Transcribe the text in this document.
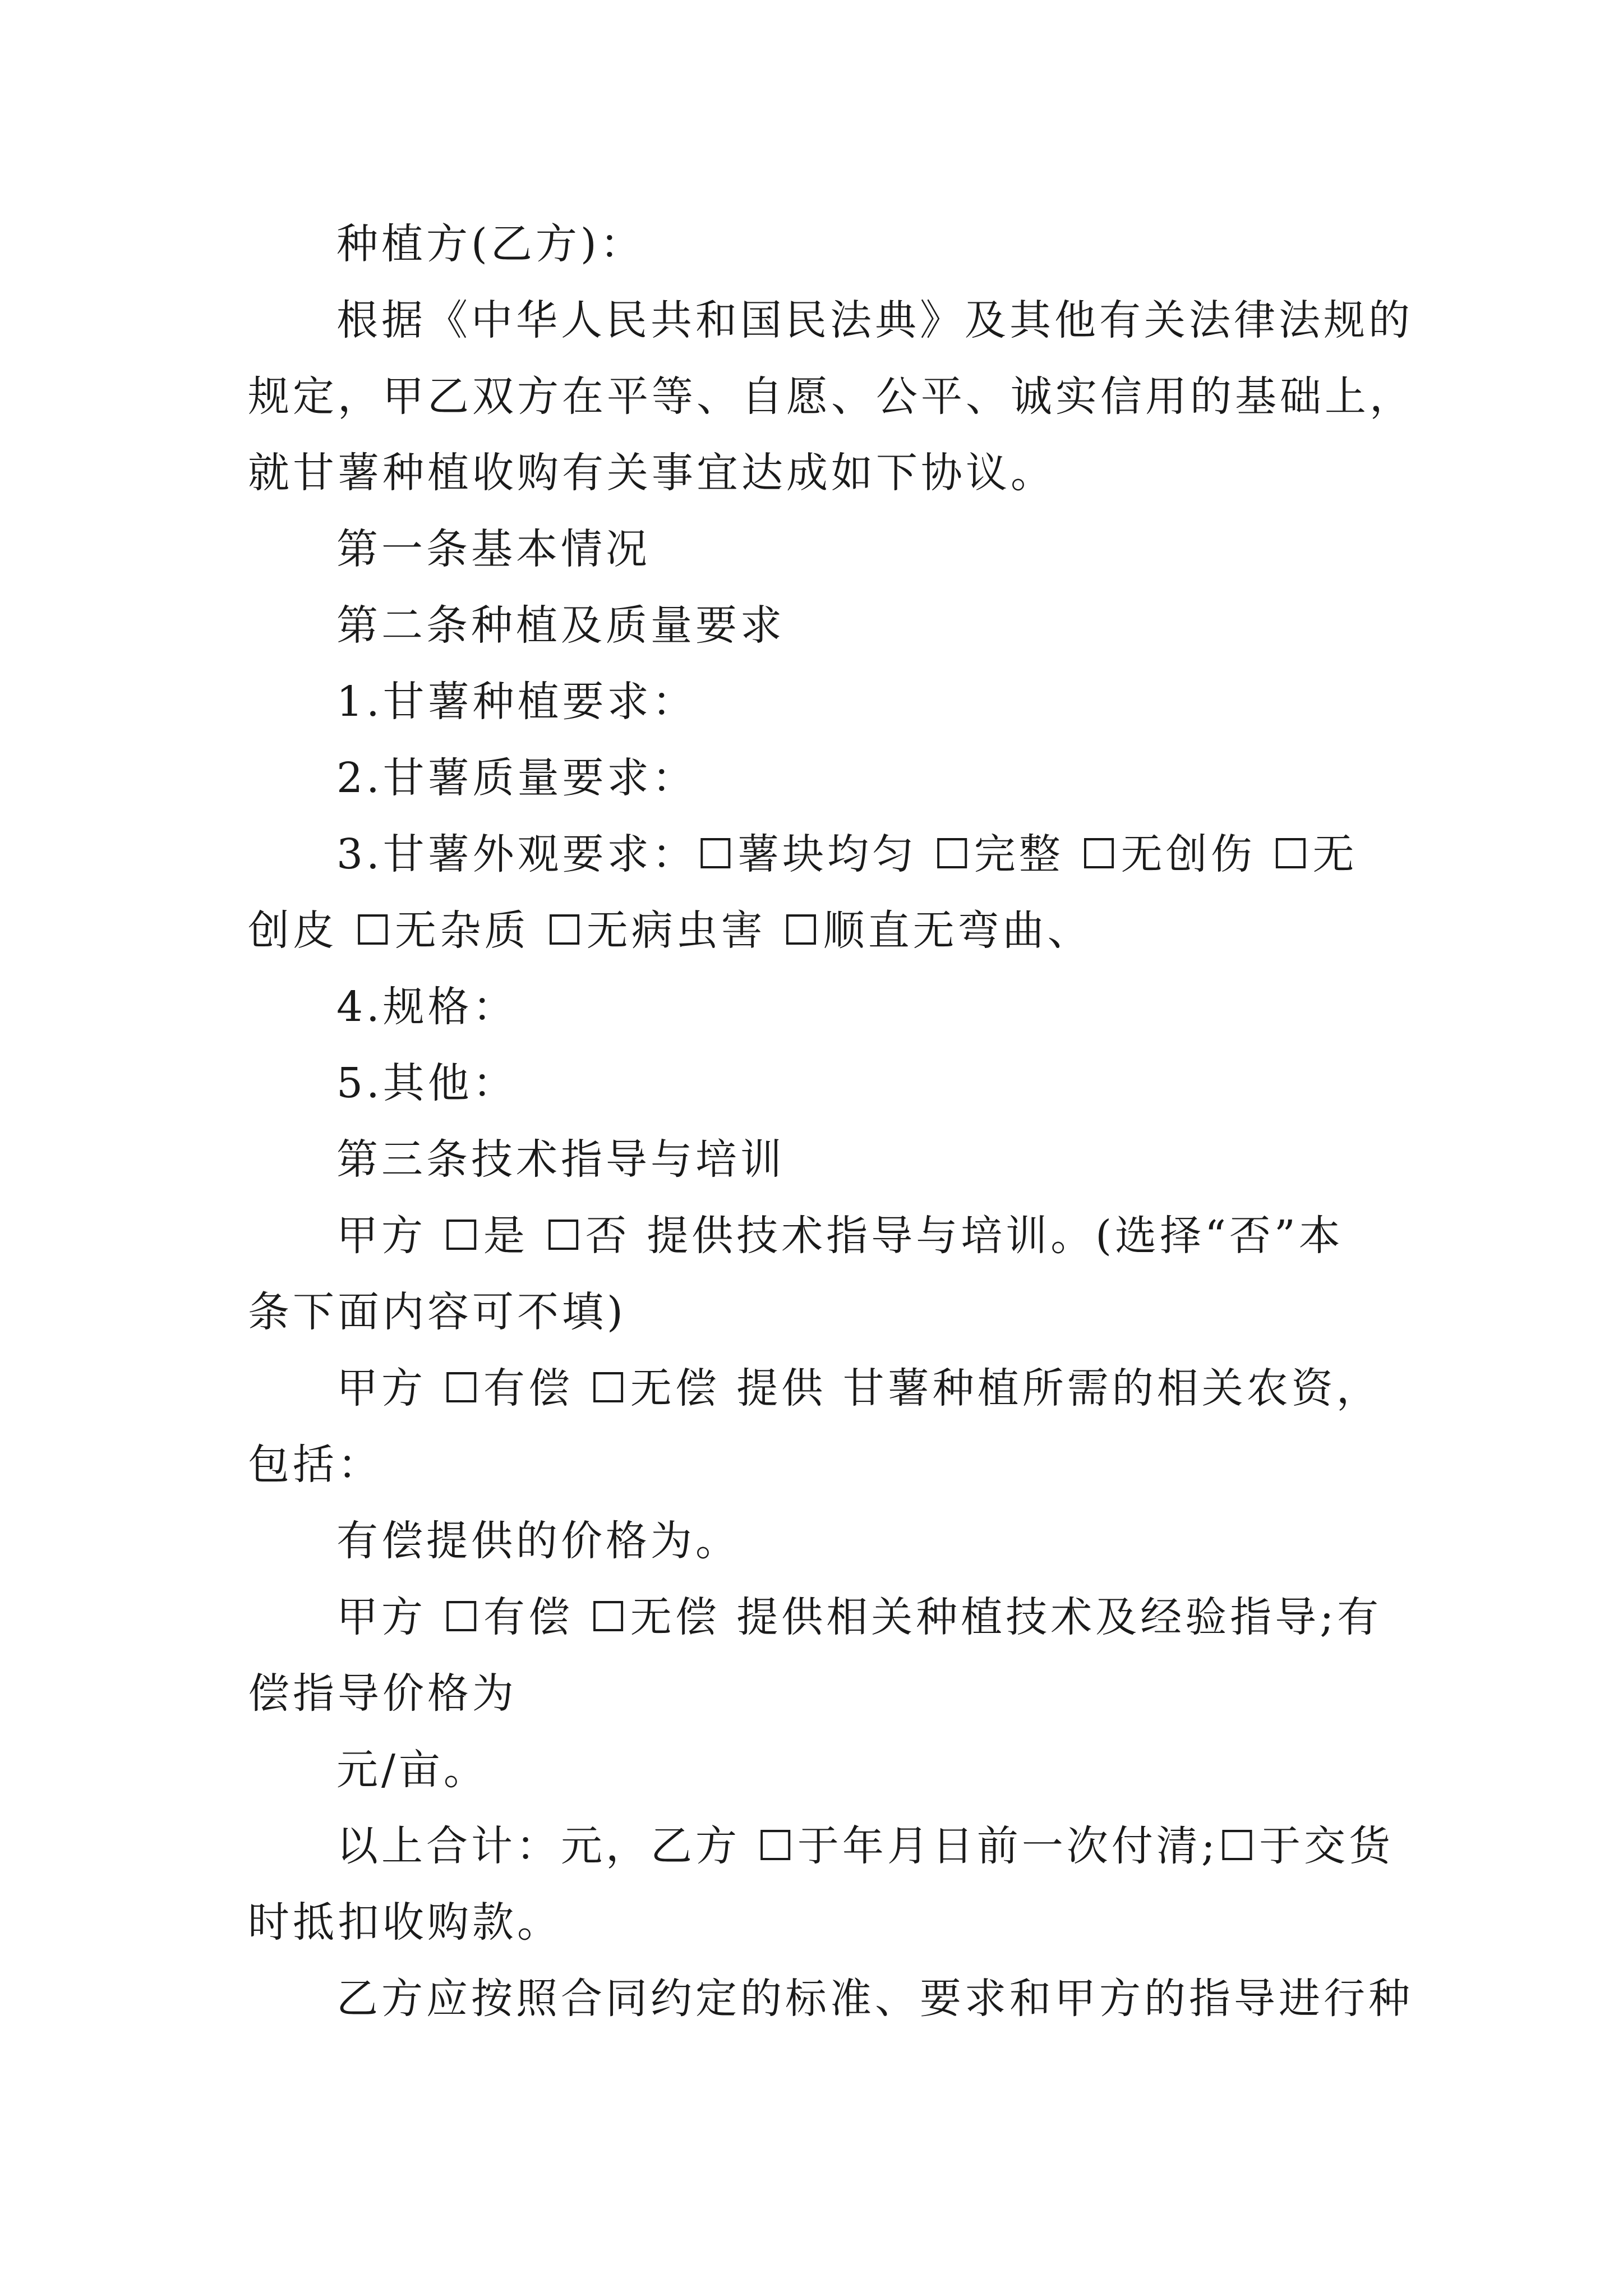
种植方(乙方)：
根据《中华人民共和国民法典》及其他有关法律法规的
规定，甲乙双方在平等、自愿、公平、诚实信用的基础上，
就甘薯种植收购有关事宜达成如下协议。
第一条基本情况
第二条种植及质量要求
1.甘薯种植要求：
2.甘薯质量要求：
3.甘薯外观要求：☐薯块均匀 ☐完整 ☐无创伤 ☐无
创皮 ☐无杂质 ☐无病虫害 ☐顺直无弯曲、
4.规格：
5.其他：
第三条技术指导与培训
甲方 ☐是 ☐否 提供技术指导与培训。(选择“否”本
条下面内容可不填)
甲方 ☐有偿 ☐无偿 提供 甘薯种植所需的相关农资，
包括：
有偿提供的价格为。
甲方 ☐有偿 ☐无偿 提供相关种植技术及经验指导;有
偿指导价格为
元/亩。
以上合计：元，乙方 ☐于年月日前一次付清;☐于交货
时抵扣收购款。
乙方应按照合同约定的标准、要求和甲方的指导进行种
